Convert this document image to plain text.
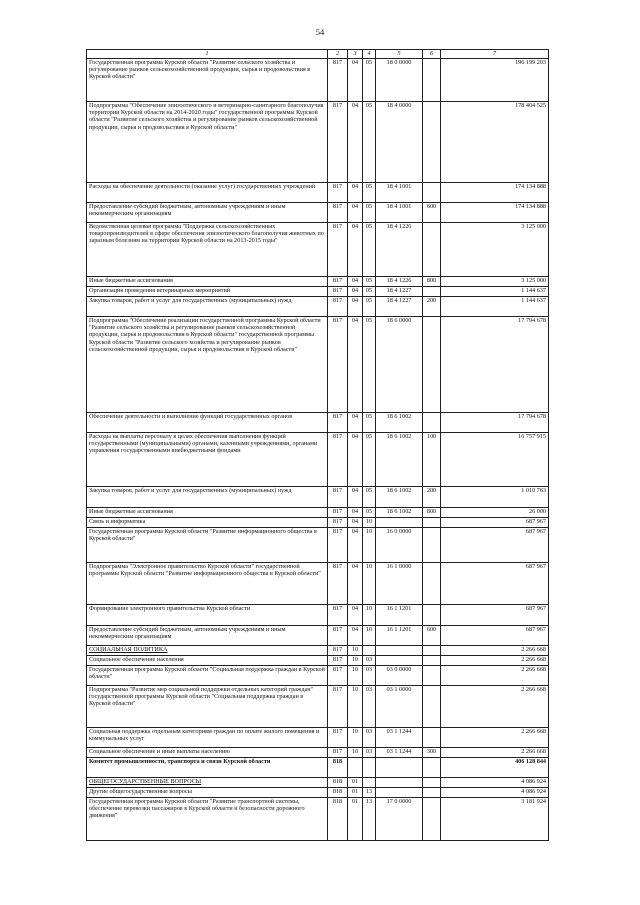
54
1	2	3	4	5	6	7
Государственная программа Курской области "Развитие сельского хозяйства и регулирование рынков сельскохозяйственной продукции, сырья и продовольствия в Курской области"	817	04	05	18 0 0000		196 199 203
Подпрограмма "Обеспечение эпизоотического и ветеринарно-санитарного благополучия территории Курской области на 2014-2020 годы" государственной программы Курской области "Развитие сельского хозяйства и регулирование рынков сельскохозяйственной продукции, сырья и продовольствия в Курской области"	817	04	05	18 4 0000		178 404 525
Расходы на обеспечение деятельности (оказание услуг) государственных учреждений	817	04	05	18 4 1001		174 134 888
Предоставление субсидий бюджетным, автономным учреждениям и иным некоммерческим организациям	817	04	05	18 4 1001	600	174 134 888
Ведомственная целевая программа "Поддержка сельскохозяйственных товаропроизводителей в сфере обеспечения эпизоотического благополучия животных по заразным болезням на территории Курской области на 2013-2015 годы"	817	04	05	18 4 1226		3 125 000
Иные бюджетные ассигнования	817	04	05	18 4 1226	800	3 125 000
Организация проведения ветеринарных мероприятий	817	04	05	18 4 1227		1 144 637
Закупка товаров, работ и услуг для государственных (муниципальных) нужд	817	04	05	18 4 1227	200	1 144 637
Подпрограмма "Обеспечение реализации государственной программы Курской области "Развитие сельского хозяйства и регулирование рынков сельскохозяйственной продукции, сырья и продовольствия в Курской области" государственной программы Курской области "Развитие сельского хозяйства и регулирование рынков сельскохозяйственной продукции, сырья и продовольствия в Курской области"	817	04	05	18 6 0000		17 794 678
Обеспечение деятельности и выполнение функций государственных органов	817	04	05	18 6 1002		17 794 678
Расходы на выплаты персоналу в целях обеспечения выполнения функций государственными (муниципальными) органами, казенными учреждениями, органами управления государственными внебюджетными фондами	817	04	05	18 6 1002	100	16 757 915
Закупка товаров, работ и услуг для государственных (муниципальных) нужд	817	04	05	18 6 1002	200	1 010 763
Иные бюджетные ассигнования	817	04	05	18 6 1002	800	26 000
Связь и информатика	817	04	10			687 967
Государственная программа Курской области "Развитие информационного общества в Курской области"	817	04	10	16 0 0000		687 967
Подпрограмма "Электронное правительство Курской области" государственной программы Курской области "Развитие информационного общества в Курской области"	817	04	10	16 1 0000		687 967
Формирование электронного правительства Курской области	817	04	10	16 1 1201		687 967
Предоставление субсидий бюджетным, автономным учреждениям и иным некоммерческим организациям	817	04	10	16 1 1201	600	687 967
СОЦИАЛЬНАЯ ПОЛИТИКА	817	10				2 266 668
Социальное обеспечение населения	817	10	03			2 266 668
Государственная программа Курской области "Социальная поддержка граждан в Курской области"	817	10	03	03 0 0000		2 266 668
Подпрограмма "Развитие мер социальной поддержки отдельных категорий граждан" государственной программы Курской области "Социальная поддержка граждан в Курской области"	817	10	03	03 1 0000		2 266 668
Социальная поддержка отдельным категориям граждан по оплате жилого помещения и коммунальных услуг	817	10	03	03 1 1244		2 266 668
Социальное обеспечение и иные выплаты населению	817	10	03	03 1 1244	300	2 266 668
Комитет промышленности, транспорта и связи Курской области	818					406 128 844
ОБЩЕГОСУДАРСТВЕННЫЕ ВОПРОСЫ	818	01				4 086 924
Другие общегосударственные вопросы	818	01	13			4 086 924
Государственная программа Курской области "Развитие транспортной системы, обеспечение перевозки пассажиров в Курской области и безопасности дорожного движения"	818	01	13	17 0 0000		3 181 924
